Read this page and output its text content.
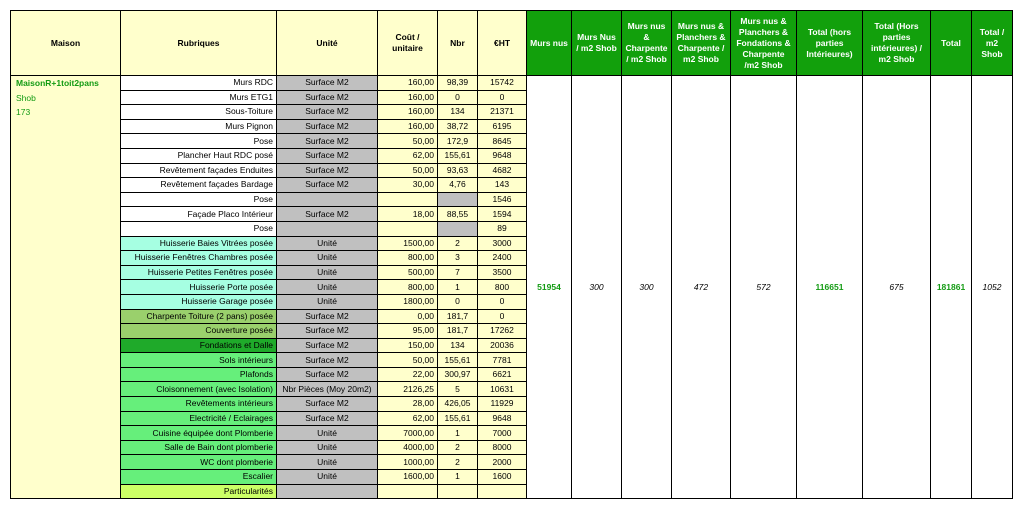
Maison	Rubriques	Unité	Coût / unitaire	Nbr	€HT	Murs nus	Murs Nus / m2 Shob	Murs nus & Charpente / m2 Shob	Murs nus & Planchers & Charpente / m2 Shob	Murs nus & Planchers & Fondations & Charpente /m2 Shob	Total (hors parties Intérieures)	Total (Hors parties intérieures) / m2 Shob	Total	Total / m2 Shob

MaisonR+1toit2pans
Shob
173	Murs RDC	Surface M2	160,00	98,39	15742	51954	300	300	472	572	116651	675	181861	1052
	Murs ETG1	Surface M2	160,00	0	0									
	Sous-Toiture	Surface M2	160,00	134	21371									
	Murs Pignon	Surface M2	160,00	38,72	6195									
	Pose	Surface M2	50,00	172,9	8645									
	Plancher Haut RDC posé	Surface M2	62,00	155,61	9648									
	Revêtement façades Enduites	Surface M2	50,00	93,63	4682									
	Revêtement façades Bardage	Surface M2	30,00	4,76	143									
	Pose				1546									
	Façade Placo Intérieur	Surface M2	18,00	88,55	1594									
	Pose				89									
	Huisserie Baies Vitrées posée	Unité	1500,00	2	3000									
	Huisserie Fenêtres Chambres posée	Unité	800,00	3	2400									
	Huisserie Petites Fenêtres posée	Unité	500,00	7	3500									
	Huisserie Porte posée	Unité	800,00	1	800									
	Huisserie Garage posée	Unité	1800,00	0	0									
	Charpente Toiture (2 pans) posée	Surface M2	0,00	181,7	0									
	Couverture posée	Surface M2	95,00	181,7	17262									
	Fondations et Dalle	Surface M2	150,00	134	20036									
	Sols intérieurs	Surface M2	50,00	155,61	7781									
	Plafonds	Surface M2	22,00	300,97	6621									
	Cloisonnement (avec Isolation)	Nbr Pièces (Moy 20m2)	2126,25	5	10631									
	Revêtements intérieurs	Surface M2	28,00	426,05	11929									
	Electricité / Eclairages	Surface M2	62,00	155,61	9648									
	Cuisine équipée dont Plomberie	Unité	7000,00	1	7000									
	Salle de Bain dont plomberie	Unité	4000,00	2	8000									
	WC dont plomberie	Unité	1000,00	2	2000									
	Escalier	Unité	1600,00	1	1600									
	Particularités													
